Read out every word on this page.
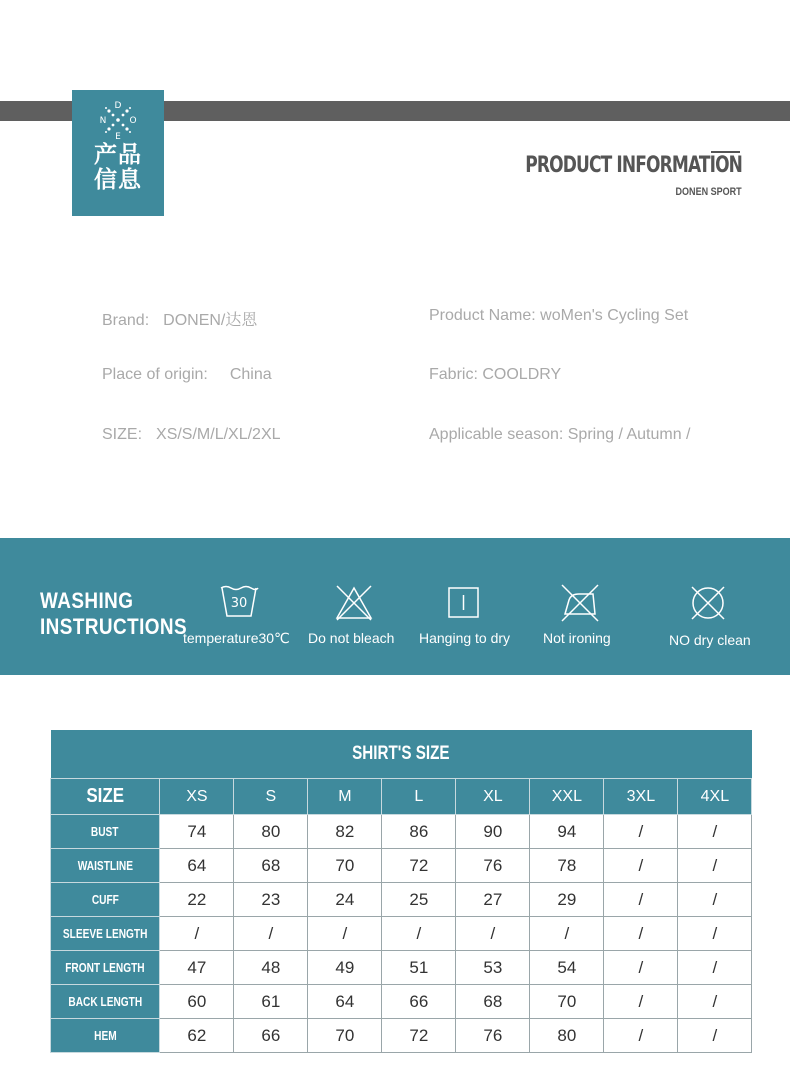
D
N	O
E
产品
信息
PRODUCT INFORMATION
DONEN SPORT
Brand: DONEN/达恩
Place of origin: China
SIZE: XS/S/M/L/XL/2XL
Product Name: woMen's Cycling Set
Fabric: COOLDRY
Applicable season: Spring / Autumn /
WASHING
INSTRUCTIONS
30
temperature30℃ Do not bleach Hanging to dry Not ironing	NO dry clean
SHIRT'S SIZE								
SIZE	XS	S	M	L	XL	XXL	3XL	4XL
BUST	74	80	82	86	90	94	/	/
WAISTLINE	64	68	70	72	76	78	/	/
CUFF	22	23	24	25	27	29	/	/
SLEEVE LENGTH	/	/	/	/	/	/	/	/
FRONT LENGTH	47	48	49	51	53	54	/	/
BACK LENGTH	60	61	64	66	68	70	/	/
HEM	62	66	70	72	76	80	/	/
